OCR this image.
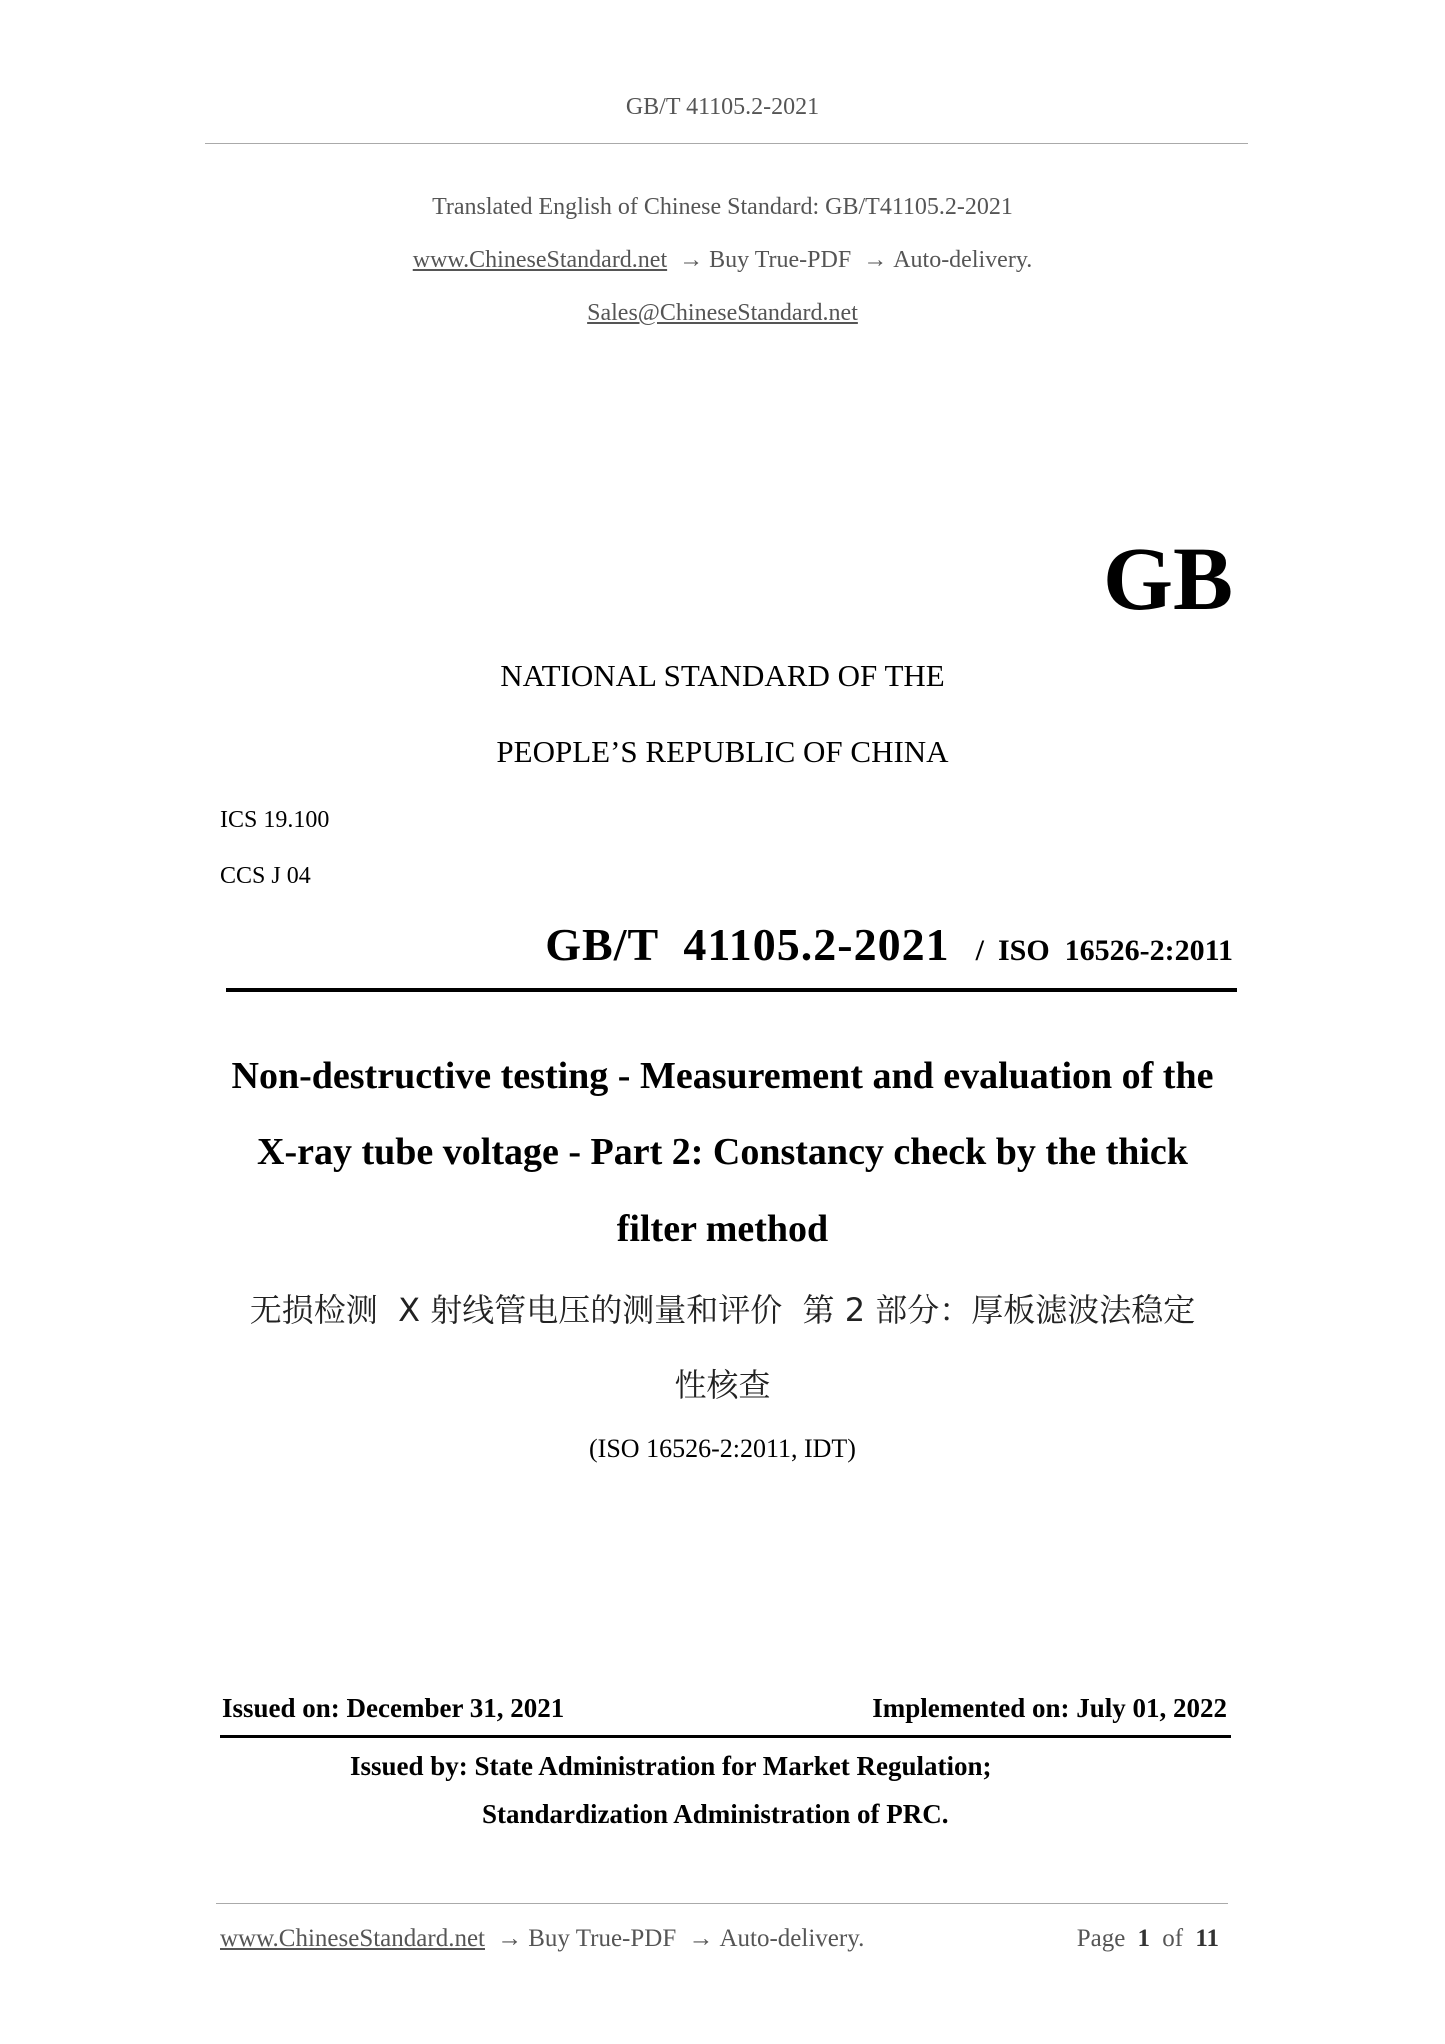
GB/T 41105.2-2021
Translated English of Chinese Standard: GB/T41105.2-2021
www.ChineseStandard.net → Buy True-PDF → Auto-delivery.
Sales@ChineseStandard.net
GB
NATIONAL STANDARD OF THE
PEOPLE’S REPUBLIC OF CHINA
ICS 19.100
CCS J 04
GB/T  41105.2-2021 / ISO  16526-2:2011
Non-destructive testing - Measurement and evaluation of the
X-ray tube voltage - Part 2: Constancy check by the thick
filter method
无损检测  X 射线管电压的测量和评价  第 2 部分：厚板滤波法稳定
性核查
(ISO 16526-2:2011, IDT)
Issued on: December 31, 2021	Implemented on: July 01, 2022
Issued by: State Administration for Market Regulation;
Standardization Administration of PRC.
www.ChineseStandard.net → Buy True-PDF → Auto-delivery.	Page 1 of 11
